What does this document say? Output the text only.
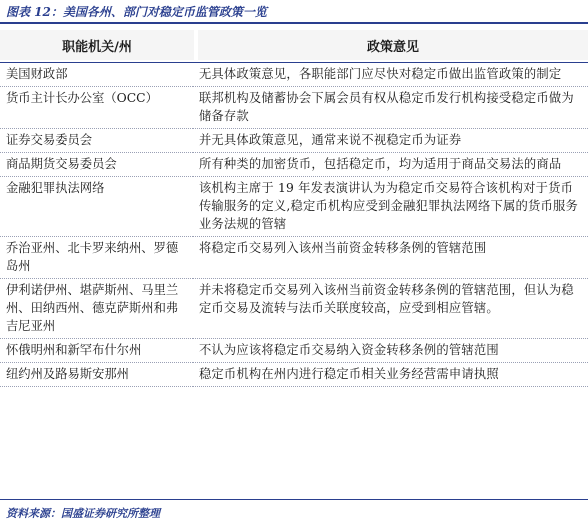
图表 12：美国各州、部门对稳定币监管政策一览
职能机关/州	政策意见
美国财政部	无具体政策意见，各职能部门应尽快对稳定币做出监管政策的制定
货币主计长办公室（OCC）	联邦机构及储蓄协会下属会员有权从稳定币发行机构接受稳定币做为储备存款
证券交易委员会	并无具体政策意见，通常来说不视稳定币为证券
商品期货交易委员会	所有种类的加密货币，包括稳定币，均为适用于商品交易法的商品
金融犯罪执法网络	该机构主席于 19 年发表演讲认为为稳定币交易符合该机构对于货币传输服务的定义,稳定币机构应受到金融犯罪执法网络下属的货币服务业务法规的管辖
乔治亚州、北卡罗来纳州、罗德岛州	将稳定币交易列入该州当前资金转移条例的管辖范围
伊利诺伊州、堪萨斯州、马里兰州、田纳西州、德克萨斯州和弗吉尼亚州	并未将稳定币交易列入该州当前资金转移条例的管辖范围，但认为稳定币交易及流转与法币关联度较高，应受到相应管辖。
怀俄明州和新罕布什尔州	不认为应该将稳定币交易纳入资金转移条例的管辖范围
纽约州及路易斯安那州	稳定币机构在州内进行稳定币相关业务经营需申请执照
资料来源：国盛证券研究所整理
